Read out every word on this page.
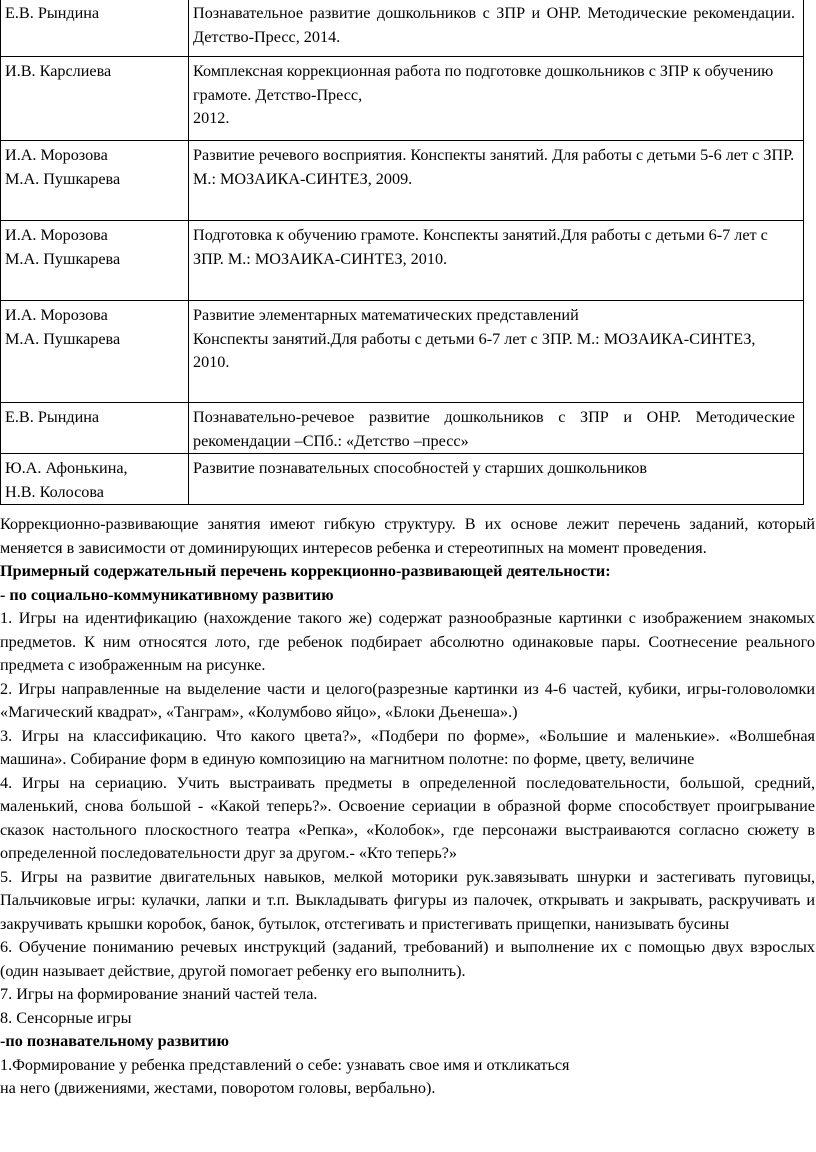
Е.В. Рындина	Познавательное развитие дошкольников с ЗПР и ОНР. Методические рекомендации. Детство-Пресс, 2014.

И.В. Карслиева	Комплексная коррекционная работа по подготовке дошкольников с ЗПР к обучению грамоте. Детство-Пресс,
2012.

И.А. Морозова
М.А. Пушкарева	Развитие речевого восприятия. Конспекты занятий. Для работы с детьми 5-6 лет с ЗПР. М.: МОЗАИКА-СИНТЕЗ, 2009.

И.А. Морозова
М.А. Пушкарева	Подготовка к обучению грамоте. Конспекты занятий.Для работы с детьми 6-7 лет с ЗПР. М.: МОЗАИКА-СИНТЕЗ, 2010.

И.А. Морозова
М.А. Пушкарева	Развитие элементарных математических представлений
Конспекты занятий.Для работы с детьми 6-7 лет с ЗПР. М.: МОЗАИКА-СИНТЕЗ, 2010.

Е.В. Рындина	Познавательно-речевое развитие дошкольников с ЗПР и ОНР. Методические рекомендации –СПб.: «Детство –пресс»

Ю.А. Афонькина,
Н.В. Колосова	Развитие познавательных способностей у старших дошкольников

Коррекционно-развивающие занятия имеют гибкую структуру. В их основе лежит перечень заданий, который меняется в зависимости от доминирующих интересов ребенка и стереотипных на момент проведения.

Примерный содержательный перечень коррекционно-развивающей деятельности:

- по социально-коммуникативному развитию

1. Игры на идентификацию (нахождение такого же) содержат разнообразные картинки с изображением знакомых предметов. К ним относятся лото, где ребенок подбирает абсолютно одинаковые пары. Соотнесение реального предмета с изображенным на рисунке.

2. Игры направленные на выделение части и целого(разрезные картинки из 4-6 частей, кубики, игры-головоломки «Магический квадрат», «Танграм», «Колумбово яйцо», «Блоки Дьенеша».)

3. Игры на классификацию. Что какого цвета?», «Подбери по форме», «Большие и маленькие». «Волшебная машина». Собирание форм в единую композицию на магнитном полотне: по форме, цвету, величине

4. Игры на сериацию. Учить выстраивать предметы в определенной последовательности, большой, средний, маленький, снова большой - «Какой теперь?». Освоение сериации в образной форме способствует проигрывание сказок настольного плоскостного театра «Репка», «Колобок», где персонажи выстраиваются согласно сюжету в определенной последовательности друг за другом.- «Кто теперь?»

5. Игры на развитие двигательных навыков, мелкой моторики рук.завязывать шнурки и застегивать пуговицы, Пальчиковые игры: кулачки, лапки и т.п. Выкладывать фигуры из палочек, открывать и закрывать, раскручивать и закручивать крышки коробок, банок, бутылок, отстегивать и пристегивать прищепки, нанизывать бусины

6. Обучение пониманию речевых инструкций (заданий, требований) и выполнение их с помощью двух взрослых (один называет действие, другой помогает ребенку его выполнить).

7. Игры на формирование знаний частей тела.

8. Сенсорные игры

-по познавательному развитию

1.Формирование у ребенка представлений о себе: узнавать свое имя и откликаться

на него (движениями, жестами, поворотом головы, вербально).
